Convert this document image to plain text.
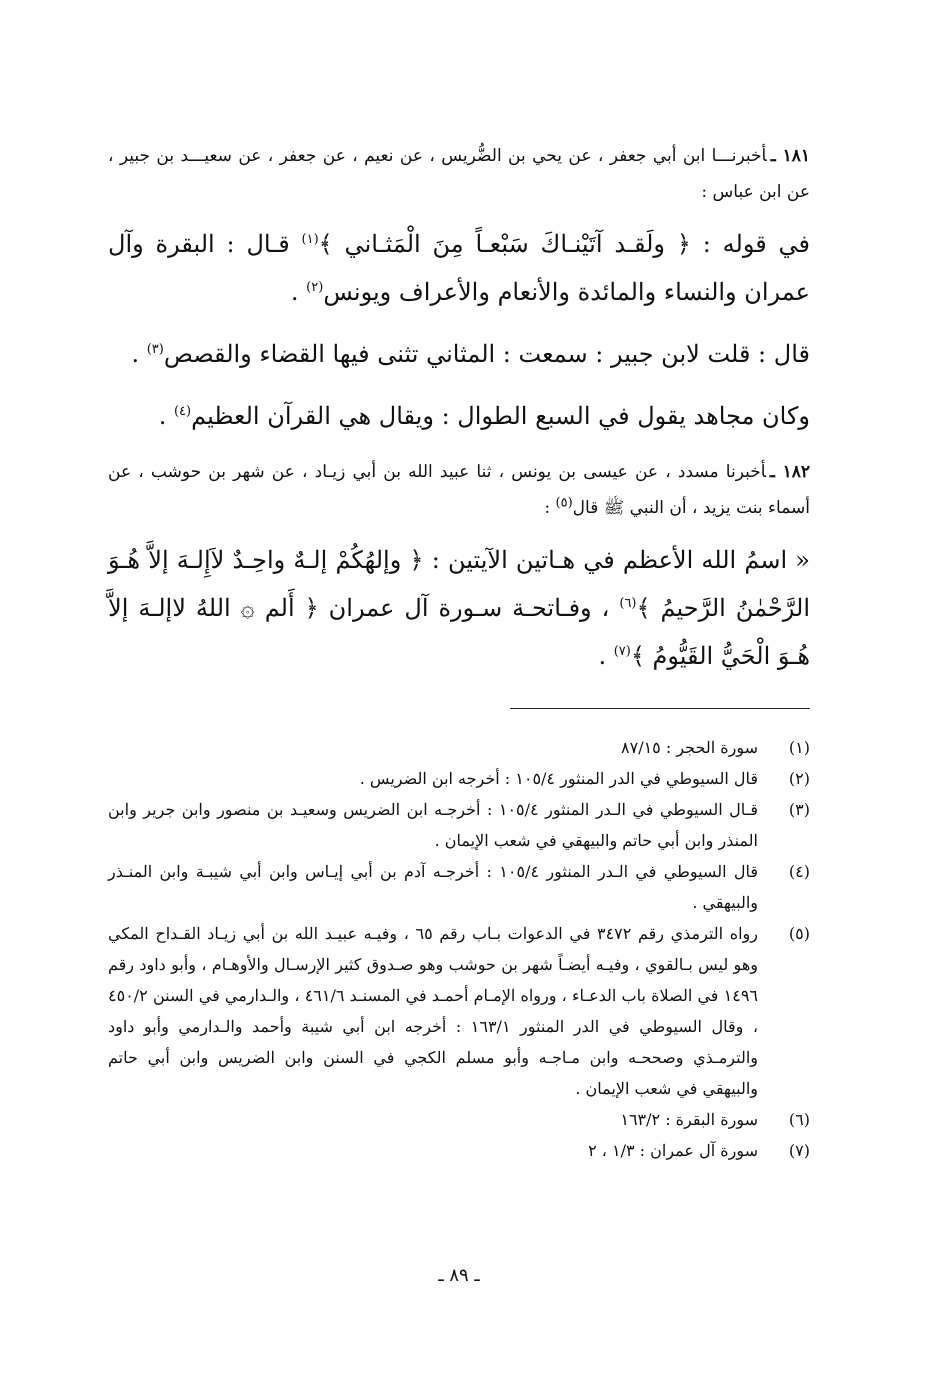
١٨١ ـأخبرنـــا ابن أبي جعفر ، عن يحي بن الضُّريس ، عن نعيم ، عن جعفر ، عن سعيـــد بن جبير ، عن ابن عباس :

في قوله : ﴿ ولَقـد آتَيْنـاكَ سَبْعـاً مِنَ الْمَثـاني ﴾$^{(١)}$ قـال : البقرة وآل عمران والنساء والمائدة والأنعام والأعراف ويونس$^{(٢)}$ .

قال : قلت لابن جبير : سمعت : المثاني تثنى فيها القضاء والقصص$^{(٣)}$ .

وكان مجاهد يقول في السبع الطوال : ويقال هي القرآن العظيم$^{(٤)}$ .

١٨٢ ـأخبرنا مسدد ، عن عيسى بن يونس ، ثنا عبيد الله بن أبي زيـاد ، عن شهر بن حوشب ، عن أسماء بنت يزيد ، أن النبي ﷺ قال$^{(٥)}$ :

« اسمُ الله الأعظم في هـاتين الآيتين : ﴿ وإلهُكُمْ إلـهٌ واحِـدٌ لاَإِلـهَ إلاَّ هُـوَ الرَّحْمٰنُ الرَّحيمُ ﴾$^{(٦)}$ ، وفـاتحـة سـورة آل عمران ﴿ أَلم ۞ اللهُ لاإلـهَ إلاَّ هُـوَ الْحَيُّ القَيُّومُ ﴾$^{(٧)}$ .

(١)
سورة الحجر : ٨٧/١٥
(٢)
قال السيوطي في الدر المنثور ١٠٥/٤ : أخرجه ابن الضريس .
(٣)
قـال السيوطي في الـدر المنثور ١٠٥/٤ : أخرجـه ابن الضريس وسعيـد بن منصور وابن جرير وابن المنذر وابن أبي حاتم والبيهقي في شعب الإيمان .
(٤)
قال السيوطي في الـدر المنثور ١٠٥/٤ : أخرجـه آدم بن أبي إيـاس وابن أبي شيبـة وابن المنـذر والبيهقي .
(٥)
رواه الترمذي رقم ٣٤٧٢ في الدعوات بـاب رقم ٦٥ ، وفيـه عبيـد الله بن أبي زيـاد القـداح المكي وهو ليس بـالقوي ، وفيـه أيضـاً شهر بن حوشب وهو صـدوق كثير الإرسـال والأوهـام ، وأبو داود رقم ١٤٩٦ في الصلاة باب الدعـاء ، ورواه الإمـام أحمـد في المسنـد ٤٦١/٦ ، والـدارمي في السنن ٤٥٠/٢ ، وقال السيوطي في الدر المنثور ١٦٣/١ : أخرجه ابن أبي شيبة وأحمد والـدارمي وأبو داود والترمـذي وصححـه وابن مـاجـه وأبو مسلم الكجي في السنن وابن الضريس وابن أبي حاتم والبيهقي في شعب الإيمان .
(٦)
سورة البقرة : ١٦٣/٢
(٧)
سورة آل عمران : ١/٣ ، ٢
ـ ٨٩ ـ
